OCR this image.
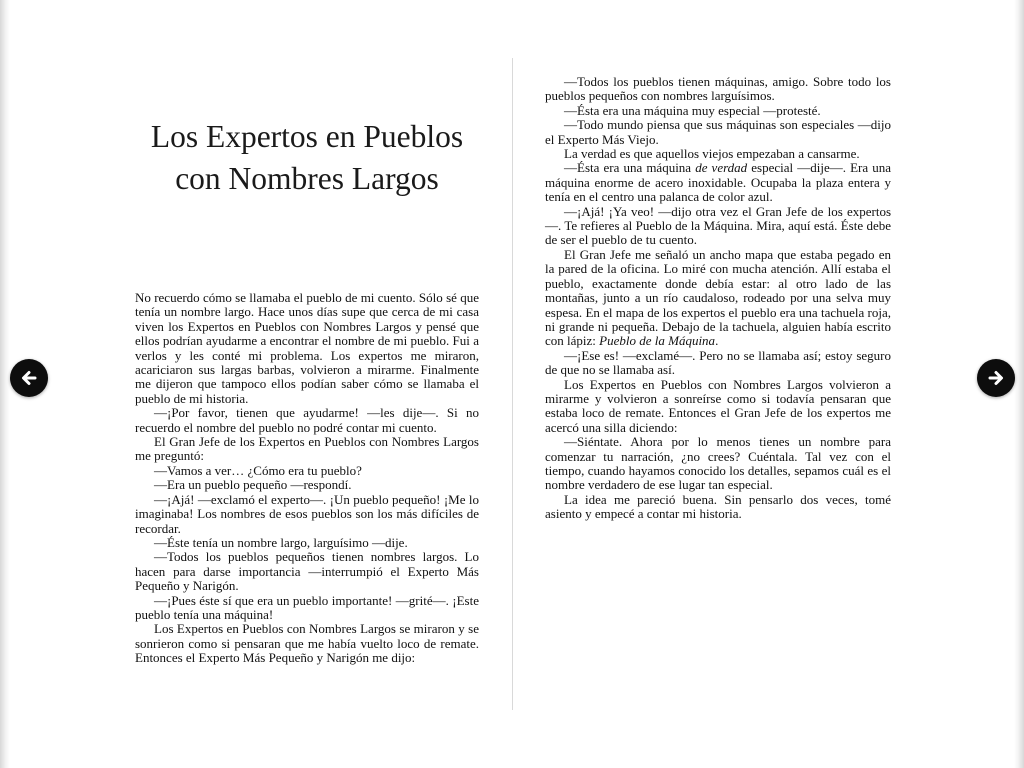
Los Expertos en Pueblos con Nombres Largos

No recuerdo cómo se llamaba el pueblo de mi cuento. Sólo sé que tenía un nombre largo. Hace unos días supe que cerca de mi casa viven los Expertos en Pueblos con Nombres Largos y pensé que ellos podrían ayudarme a encontrar el nombre de mi pueblo. Fui a verlos y les conté mi problema. Los expertos me miraron, acariciaron sus largas barbas, volvieron a mirarme. Finalmente me dijeron que tampoco ellos podían saber cómo se llamaba el pueblo de mi historia.

—¡Por favor, tienen que ayudarme! —les dije—. Si no recuerdo el nombre del pueblo no podré contar mi cuento.

El Gran Jefe de los Expertos en Pueblos con Nombres Largos me preguntó:

—Vamos a ver… ¿Cómo era tu pueblo?

—Era un pueblo pequeño —respondí.

—¡Ajá! —exclamó el experto—. ¡Un pueblo pequeño! ¡Me lo imaginaba! Los nombres de esos pueblos son los más difíciles de recordar.

—Éste tenía un nombre largo, larguísimo —dije.

—Todos los pueblos pequeños tienen nombres largos. Lo hacen para darse importancia —interrumpió el Experto Más Pequeño y Narigón.

—¡Pues éste sí que era un pueblo importante! —grité—. ¡Este pueblo tenía una máquina!

Los Expertos en Pueblos con Nombres Largos se miraron y se sonrieron como si pensaran que me había vuelto loco de remate. Entonces el Experto Más Pequeño y Narigón me dijo:

—Todos los pueblos tienen máquinas, amigo. Sobre todo los pueblos pequeños con nombres larguísimos.

—Ésta era una máquina muy especial —protesté.

—Todo mundo piensa que sus máquinas son especiales —dijo el Experto Más Viejo.

La verdad es que aquellos viejos empezaban a cansarme.

—Ésta era una máquina de verdad especial —dije—. Era una máquina enorme de acero inoxidable. Ocupaba la plaza entera y tenía en el centro una palanca de color azul.

—¡Ajá! ¡Ya veo! —dijo otra vez el Gran Jefe de los expertos —. Te refieres al Pueblo de la Máquina. Mira, aquí está. Éste debe de ser el pueblo de tu cuento.

El Gran Jefe me señaló un ancho mapa que estaba pegado en la pared de la oficina. Lo miré con mucha atención. Allí estaba el pueblo, exactamente donde debía estar: al otro lado de las montañas, junto a un río caudaloso, rodeado por una selva muy espesa. En el mapa de los expertos el pueblo era una tachuela roja, ni grande ni pequeña. Debajo de la tachuela, alguien había escrito con lápiz: Pueblo de la Máquina.

—¡Ese es! —exclamé—. Pero no se llamaba así; estoy seguro de que no se llamaba así.

Los Expertos en Pueblos con Nombres Largos volvieron a mirarme y volvieron a sonreírse como si todavía pensaran que estaba loco de remate. Entonces el Gran Jefe de los expertos me acercó una silla diciendo:

—Siéntate. Ahora por lo menos tienes un nombre para comenzar tu narración, ¿no crees? Cuéntala. Tal vez con el tiempo, cuando hayamos conocido los detalles, sepamos cuál es el nombre verdadero de ese lugar tan especial.

La idea me pareció buena. Sin pensarlo dos veces, tomé asiento y empecé a contar mi historia.
